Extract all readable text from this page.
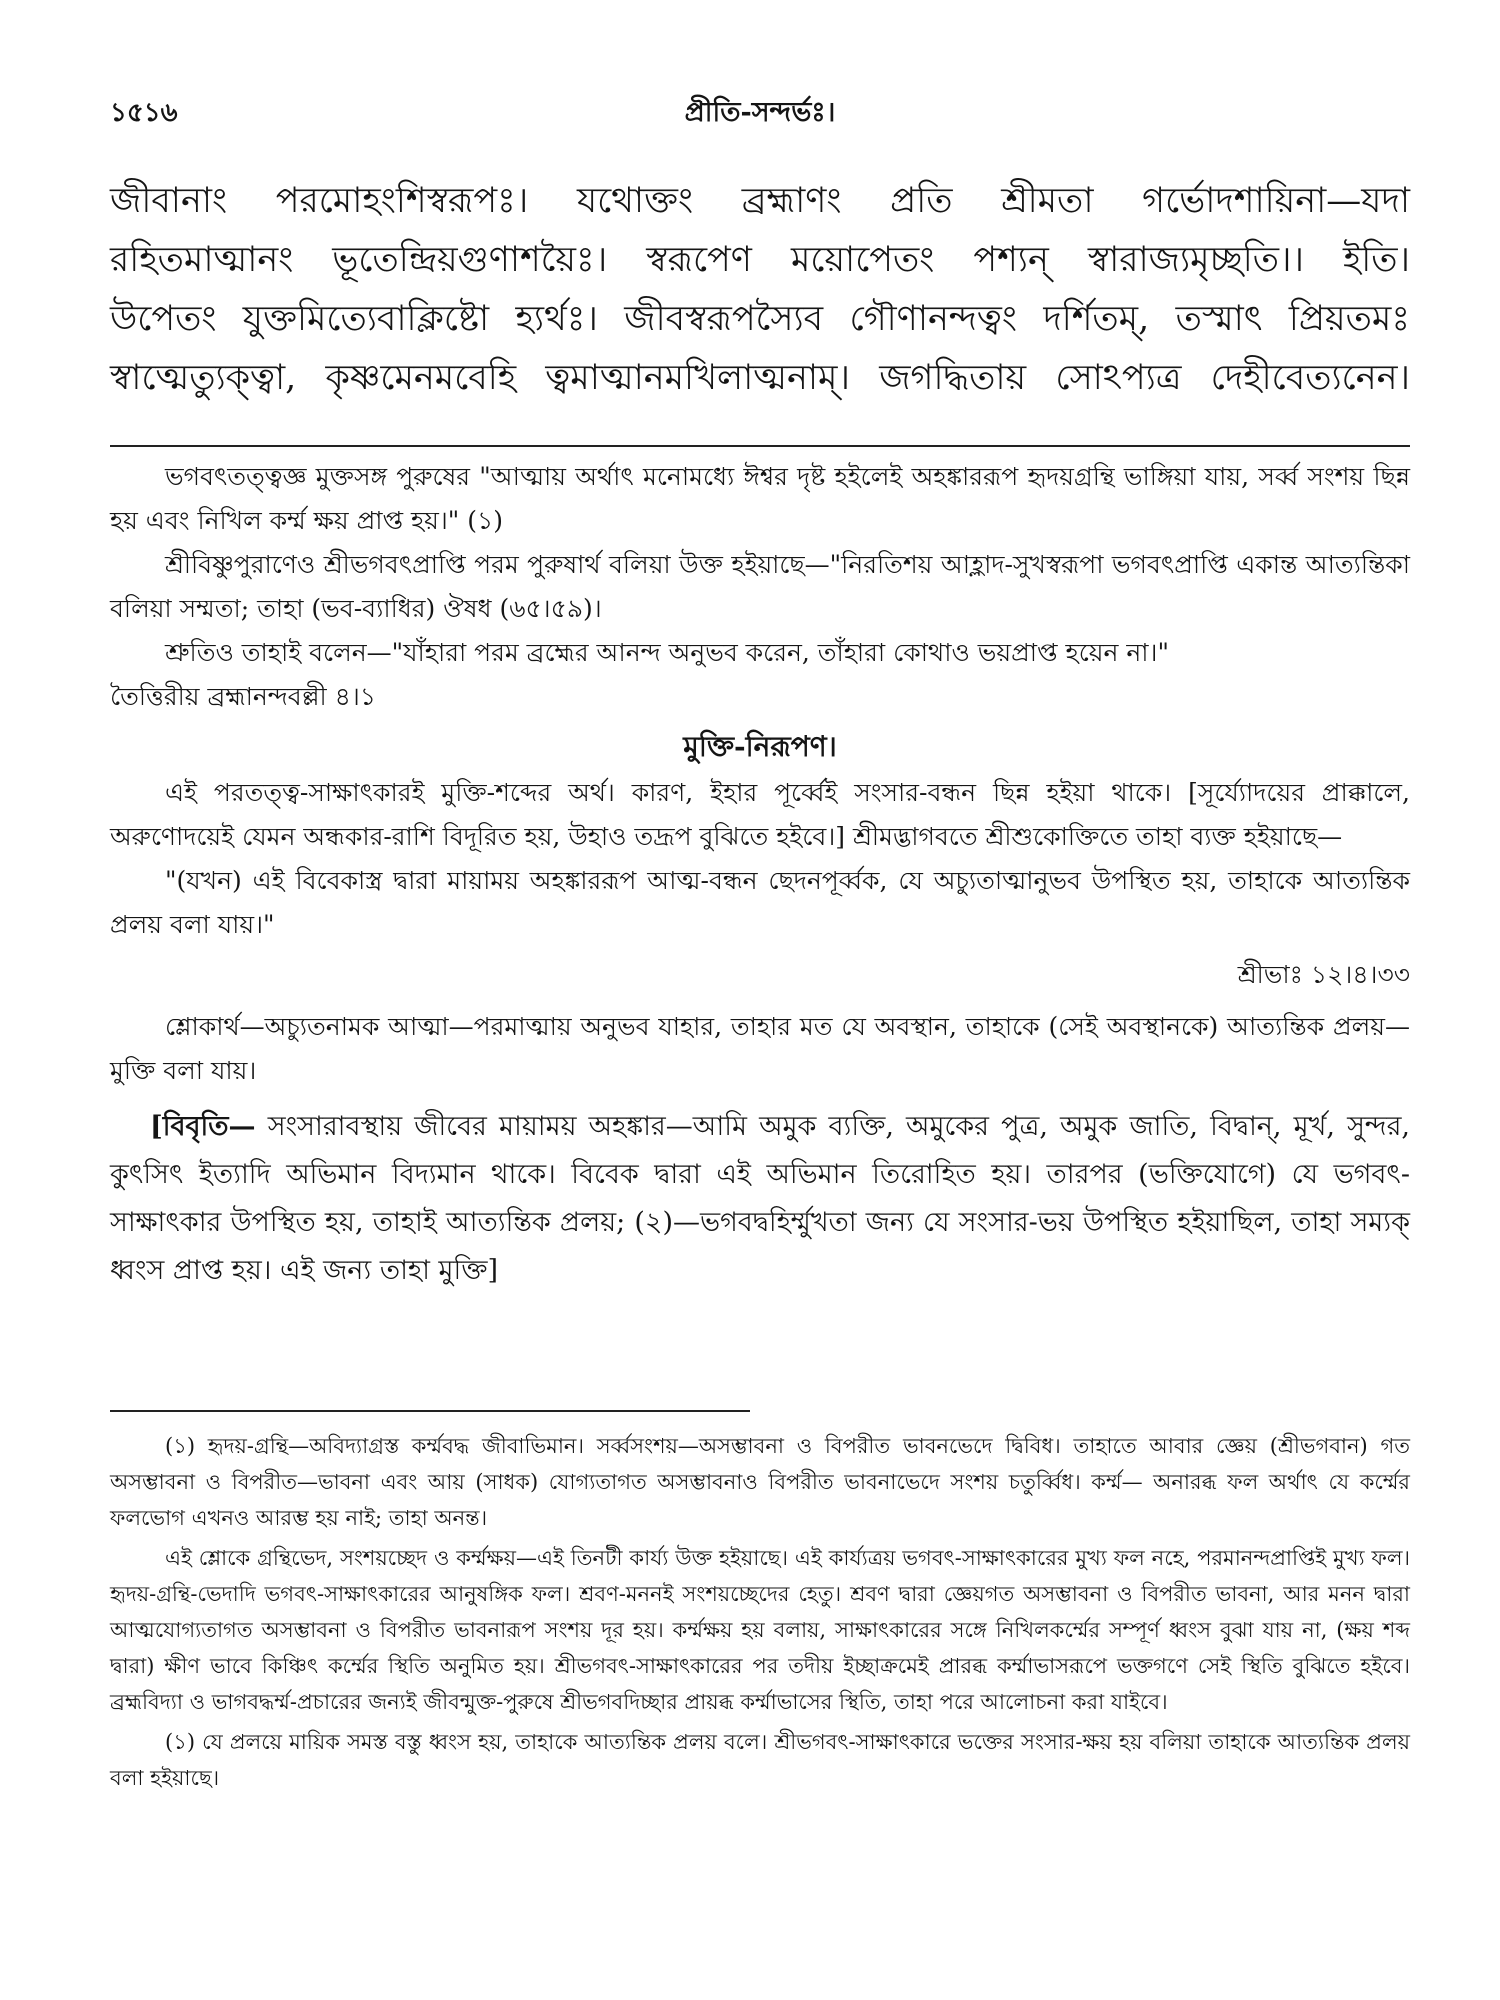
১৫১৬	প্রীতি-সন্দর্ভঃ।
জীবানাং পরমোহংশিস্বরূপঃ। যথোক্তং ব্রহ্মাণং প্রতি শ্রীমতা গর্ভোদশায়িনা—যদা
রহিতমাত্মানং ভূতেন্দ্রিয়গুণাশয়ৈঃ। স্বরূপেণ ময়োপেতং পশ্যন্ স্বারাজ্যমৃচ্ছতি।। ইতি।
উপেতং যুক্তমিত্যেবাক্লিষ্টো হ্যর্থঃ। জীবস্বরূপস্যৈব গৌণানন্দত্বং দর্শিতম্, তস্মাৎ প্রিয়তমঃ
স্বাত্মেত্যুক্ত্বা, কৃষ্ণমেনমবেহি ত্বমাত্মানমখিলাত্মনাম্। জগদ্ধিতায় সোঽপ্যত্র দেহীবেত্যনেন।

ভগবৎতত্ত্বজ্ঞ মুক্তসঙ্গ পুরুষের "আত্মায় অর্থাৎ মনোমধ্যে ঈশ্বর দৃষ্ট হইলেই অহঙ্কাররূপ হৃদয়গ্রন্থি ভাঙ্গিয়া যায়, সর্ব্ব সংশয় ছিন্ন হয় এবং নিখিল কর্ম্ম ক্ষয় প্রাপ্ত হয়।" (১)

শ্রীবিষ্ণুপুরাণেও শ্রীভগবৎপ্রাপ্তি পরম পুরুষার্থ বলিয়া উক্ত হইয়াছে—"নিরতিশয় আহ্লাদ-সুখস্বরূপা ভগবৎপ্রাপ্তি একান্ত আত্যন্তিকা বলিয়া সম্মতা; তাহা (ভব-ব্যাধির) ঔষধ (৬৫।৫৯)।

শ্রুতিও তাহাই বলেন—"যাঁহারা পরম ব্রহ্মের আনন্দ অনুভব করেন, তাঁহারা কোথাও ভয়প্রাপ্ত হয়েন না।"

তৈত্তিরীয় ব্রহ্মানন্দবল্লী ৪।১

মুক্তি-নিরূপণ।

এই পরতত্ত্ব-সাক্ষাৎকারই মুক্তি-শব্দের অর্থ। কারণ, ইহার পূর্ব্বেই সংসার-বন্ধন ছিন্ন হইয়া থাকে। [সূর্য্যোদয়ের প্রাক্কালে, অরুণোদয়েই যেমন অন্ধকার-রাশি বিদূরিত হয়, উহাও তদ্রূপ বুঝিতে হইবে।] শ্রীমদ্ভাগবতে শ্রীশুকোক্তিতে তাহা ব্যক্ত হইয়াছে—

"(যখন) এই বিবেকাস্ত্র দ্বারা মায়াময় অহঙ্কাররূপ আত্ম-বন্ধন ছেদনপূর্ব্বক, যে অচ্যুতাত্মানুভব উপস্থিত হয়, তাহাকে আত্যন্তিক প্রলয় বলা যায়।"

শ্রীভাঃ ১২।৪।৩৩

শ্লোকার্থ—অচ্যুতনামক আত্মা—পরমাত্মায় অনুভব যাহার, তাহার মত যে অবস্থান, তাহাকে (সেই অবস্থানকে) আত্যন্তিক প্রলয়—মুক্তি বলা যায়।

[বিবৃতি— সংসারাবস্থায় জীবের মায়াময় অহঙ্কার—আমি অমুক ব্যক্তি, অমুকের পুত্র, অমুক জাতি, বিদ্বান্, মূর্খ, সুন্দর, কুৎসিৎ ইত্যাদি অভিমান বিদ্যমান থাকে। বিবেক দ্বারা এই অভিমান তিরোহিত হয়। তারপর (ভক্তিযোগে) যে ভগবৎ-সাক্ষাৎকার উপস্থিত হয়, তাহাই আত্যন্তিক প্রলয়; (২)—ভগবদ্বহির্ম্মুখতা জন্য যে সংসার-ভয় উপস্থিত হইয়াছিল, তাহা সম্যক্ ধ্বংস প্রাপ্ত হয়। এই জন্য তাহা মুক্তি]

(১) হৃদয়-গ্রন্থি—অবিদ্যাগ্রস্ত কর্ম্মবদ্ধ জীবাভিমান। সর্ব্বসংশয়—অসম্ভাবনা ও বিপরীত ভাবনভেদে দ্বিবিধ। তাহাতে আবার জ্ঞেয় (শ্রীভগবান) গত অসম্ভাবনা ও বিপরীত—ভাবনা এবং আয় (সাধক) যোগ্যতাগত অসম্ভাবনাও বিপরীত ভাবনাভেদে সংশয় চতুর্ব্বিধ। কর্ম্ম— অনারব্ধ ফল অর্থাৎ যে কর্ম্মের ফলভোগ এখনও আরম্ভ হয় নাই; তাহা অনন্ত।

এই শ্লোকে গ্রন্থিভেদ, সংশয়চ্ছেদ ও কর্ম্মক্ষয়—এই তিনটী কার্য্য উক্ত হইয়াছে। এই কার্য্যত্রয় ভগবৎ-সাক্ষাৎকারের মুখ্য ফল নহে, পরমানন্দপ্রাপ্তিই মুখ্য ফল। হৃদয়-গ্রন্থি-ভেদাদি ভগবৎ-সাক্ষাৎকারের আনুষঙ্গিক ফল। শ্রবণ-মননই সংশয়চ্ছেদের হেতু। শ্রবণ দ্বারা জ্ঞেয়গত অসম্ভাবনা ও বিপরীত ভাবনা, আর মনন দ্বারা আত্মযোগ্যতাগত অসম্ভাবনা ও বিপরীত ভাবনারূপ সংশয় দূর হয়। কর্ম্মক্ষয় হয় বলায়, সাক্ষাৎকারের সঙ্গে নিখিলকর্ম্মের সম্পূর্ণ ধ্বংস বুঝা যায় না, (ক্ষয় শব্দ দ্বারা) ক্ষীণ ভাবে কিঞ্চিৎ কর্ম্মের স্থিতি অনুমিত হয়। শ্রীভগবৎ-সাক্ষাৎকারের পর তদীয় ইচ্ছাক্রমেই প্রারব্ধ কর্ম্মাভাসরূপে ভক্তগণে সেই স্থিতি বুঝিতে হইবে। ব্রহ্মবিদ্যা ও ভাগবদ্ধর্ম্ম-প্রচারের জন্যই জীবন্মুক্ত-পুরুষে শ্রীভগবদিচ্ছার প্রায়ব্ধ কর্ম্মাভাসের স্থিতি, তাহা পরে আলোচনা করা যাইবে।

(১) যে প্রলয়ে মায়িক সমস্ত বস্তু ধ্বংস হয়, তাহাকে আত্যন্তিক প্রলয় বলে। শ্রীভগবৎ-সাক্ষাৎকারে ভক্তের সংসার-ক্ষয় হয় বলিয়া তাহাকে আত্যন্তিক প্রলয় বলা হইয়াছে।
